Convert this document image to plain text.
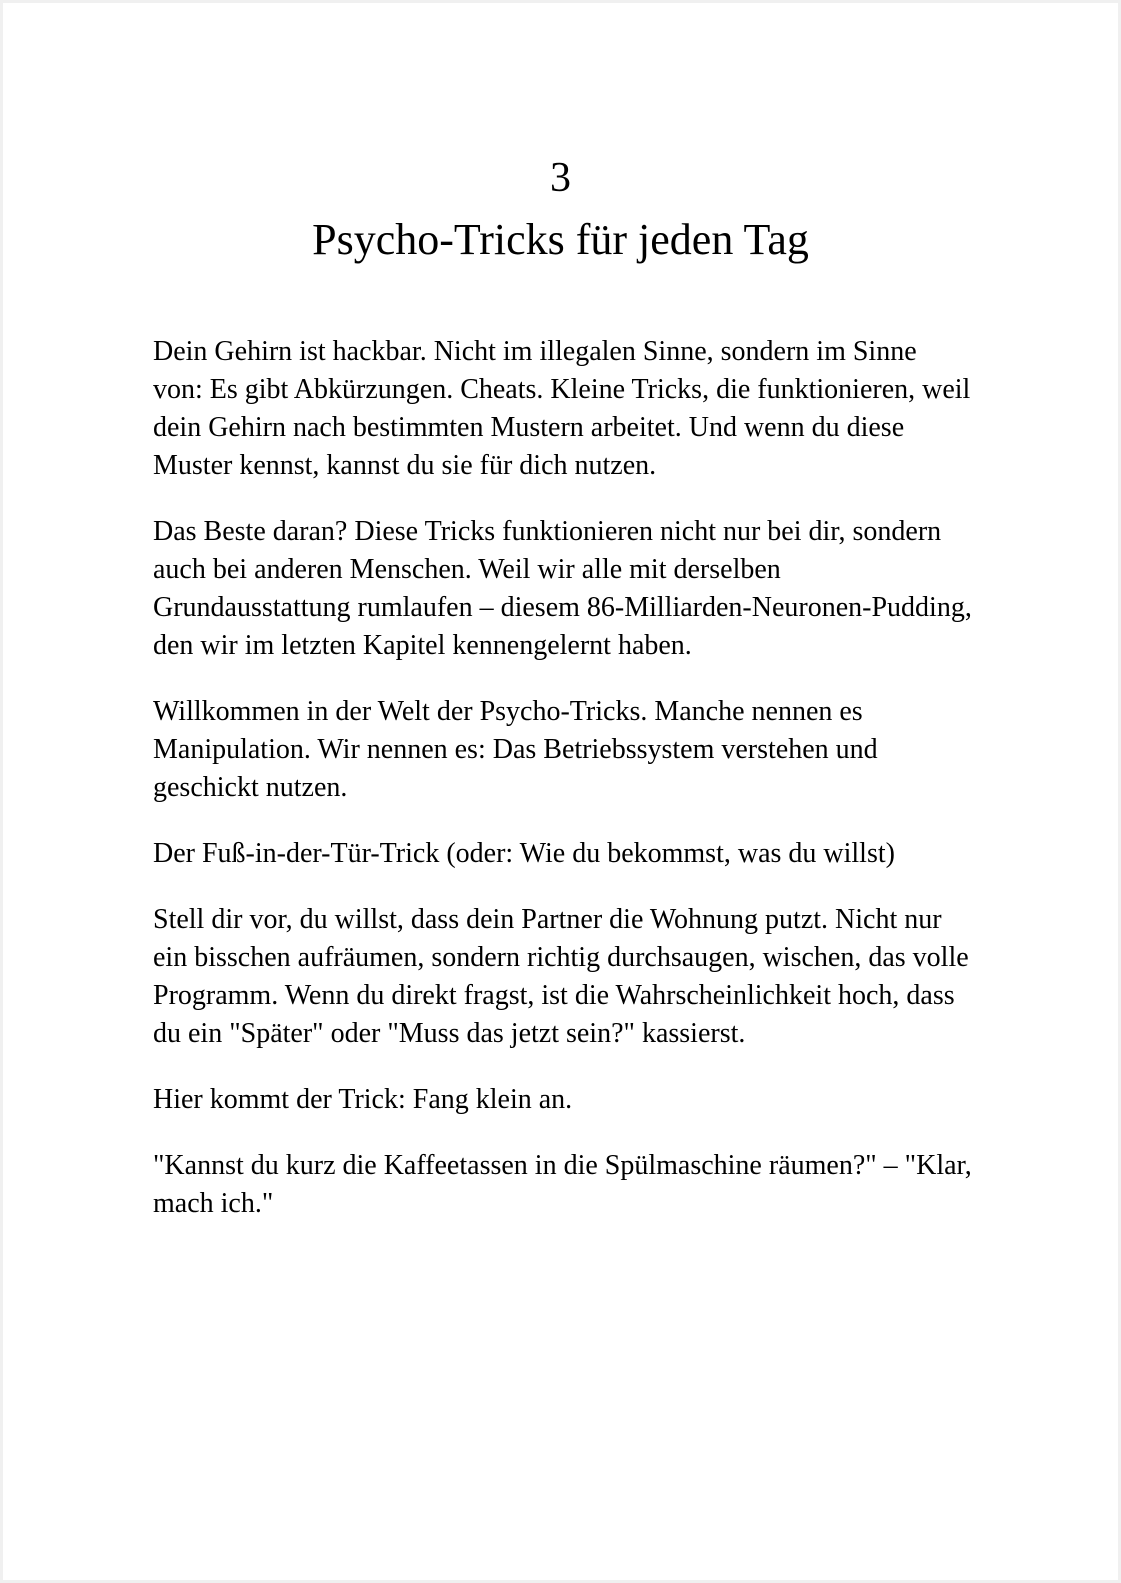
3
Psycho-Tricks für jeden Tag

Dein Gehirn ist hackbar. Nicht im illegalen Sinne, sondern im Sinne von: Es gibt Abkürzungen. Cheats. Kleine Tricks, die funktionieren, weil dein Gehirn nach bestimmten Mustern arbeitet. Und wenn du diese Muster kennst, kannst du sie für dich nutzen.

Das Beste daran? Diese Tricks funktionieren nicht nur bei dir, sondern auch bei anderen Menschen. Weil wir alle mit derselben Grundausstattung rumlaufen – diesem 86-Milliarden-Neuronen-Pudding, den wir im letzten Kapitel kennengelernt haben.

Willkommen in der Welt der Psycho-Tricks. Manche nennen es Manipulation. Wir nennen es: Das Betriebssystem verstehen und geschickt nutzen.

Der Fuß-in-der-Tür-Trick (oder: Wie du bekommst, was du willst)

Stell dir vor, du willst, dass dein Partner die Wohnung putzt. Nicht nur ein bisschen aufräumen, sondern richtig durchsaugen, wischen, das volle Programm. Wenn du direkt fragst, ist die Wahrscheinlichkeit hoch, dass du ein "Später" oder "Muss das jetzt sein?" kassierst.

Hier kommt der Trick: Fang klein an.

"Kannst du kurz die Kaffeetassen in die Spülmaschine räumen?" – "Klar, mach ich."
